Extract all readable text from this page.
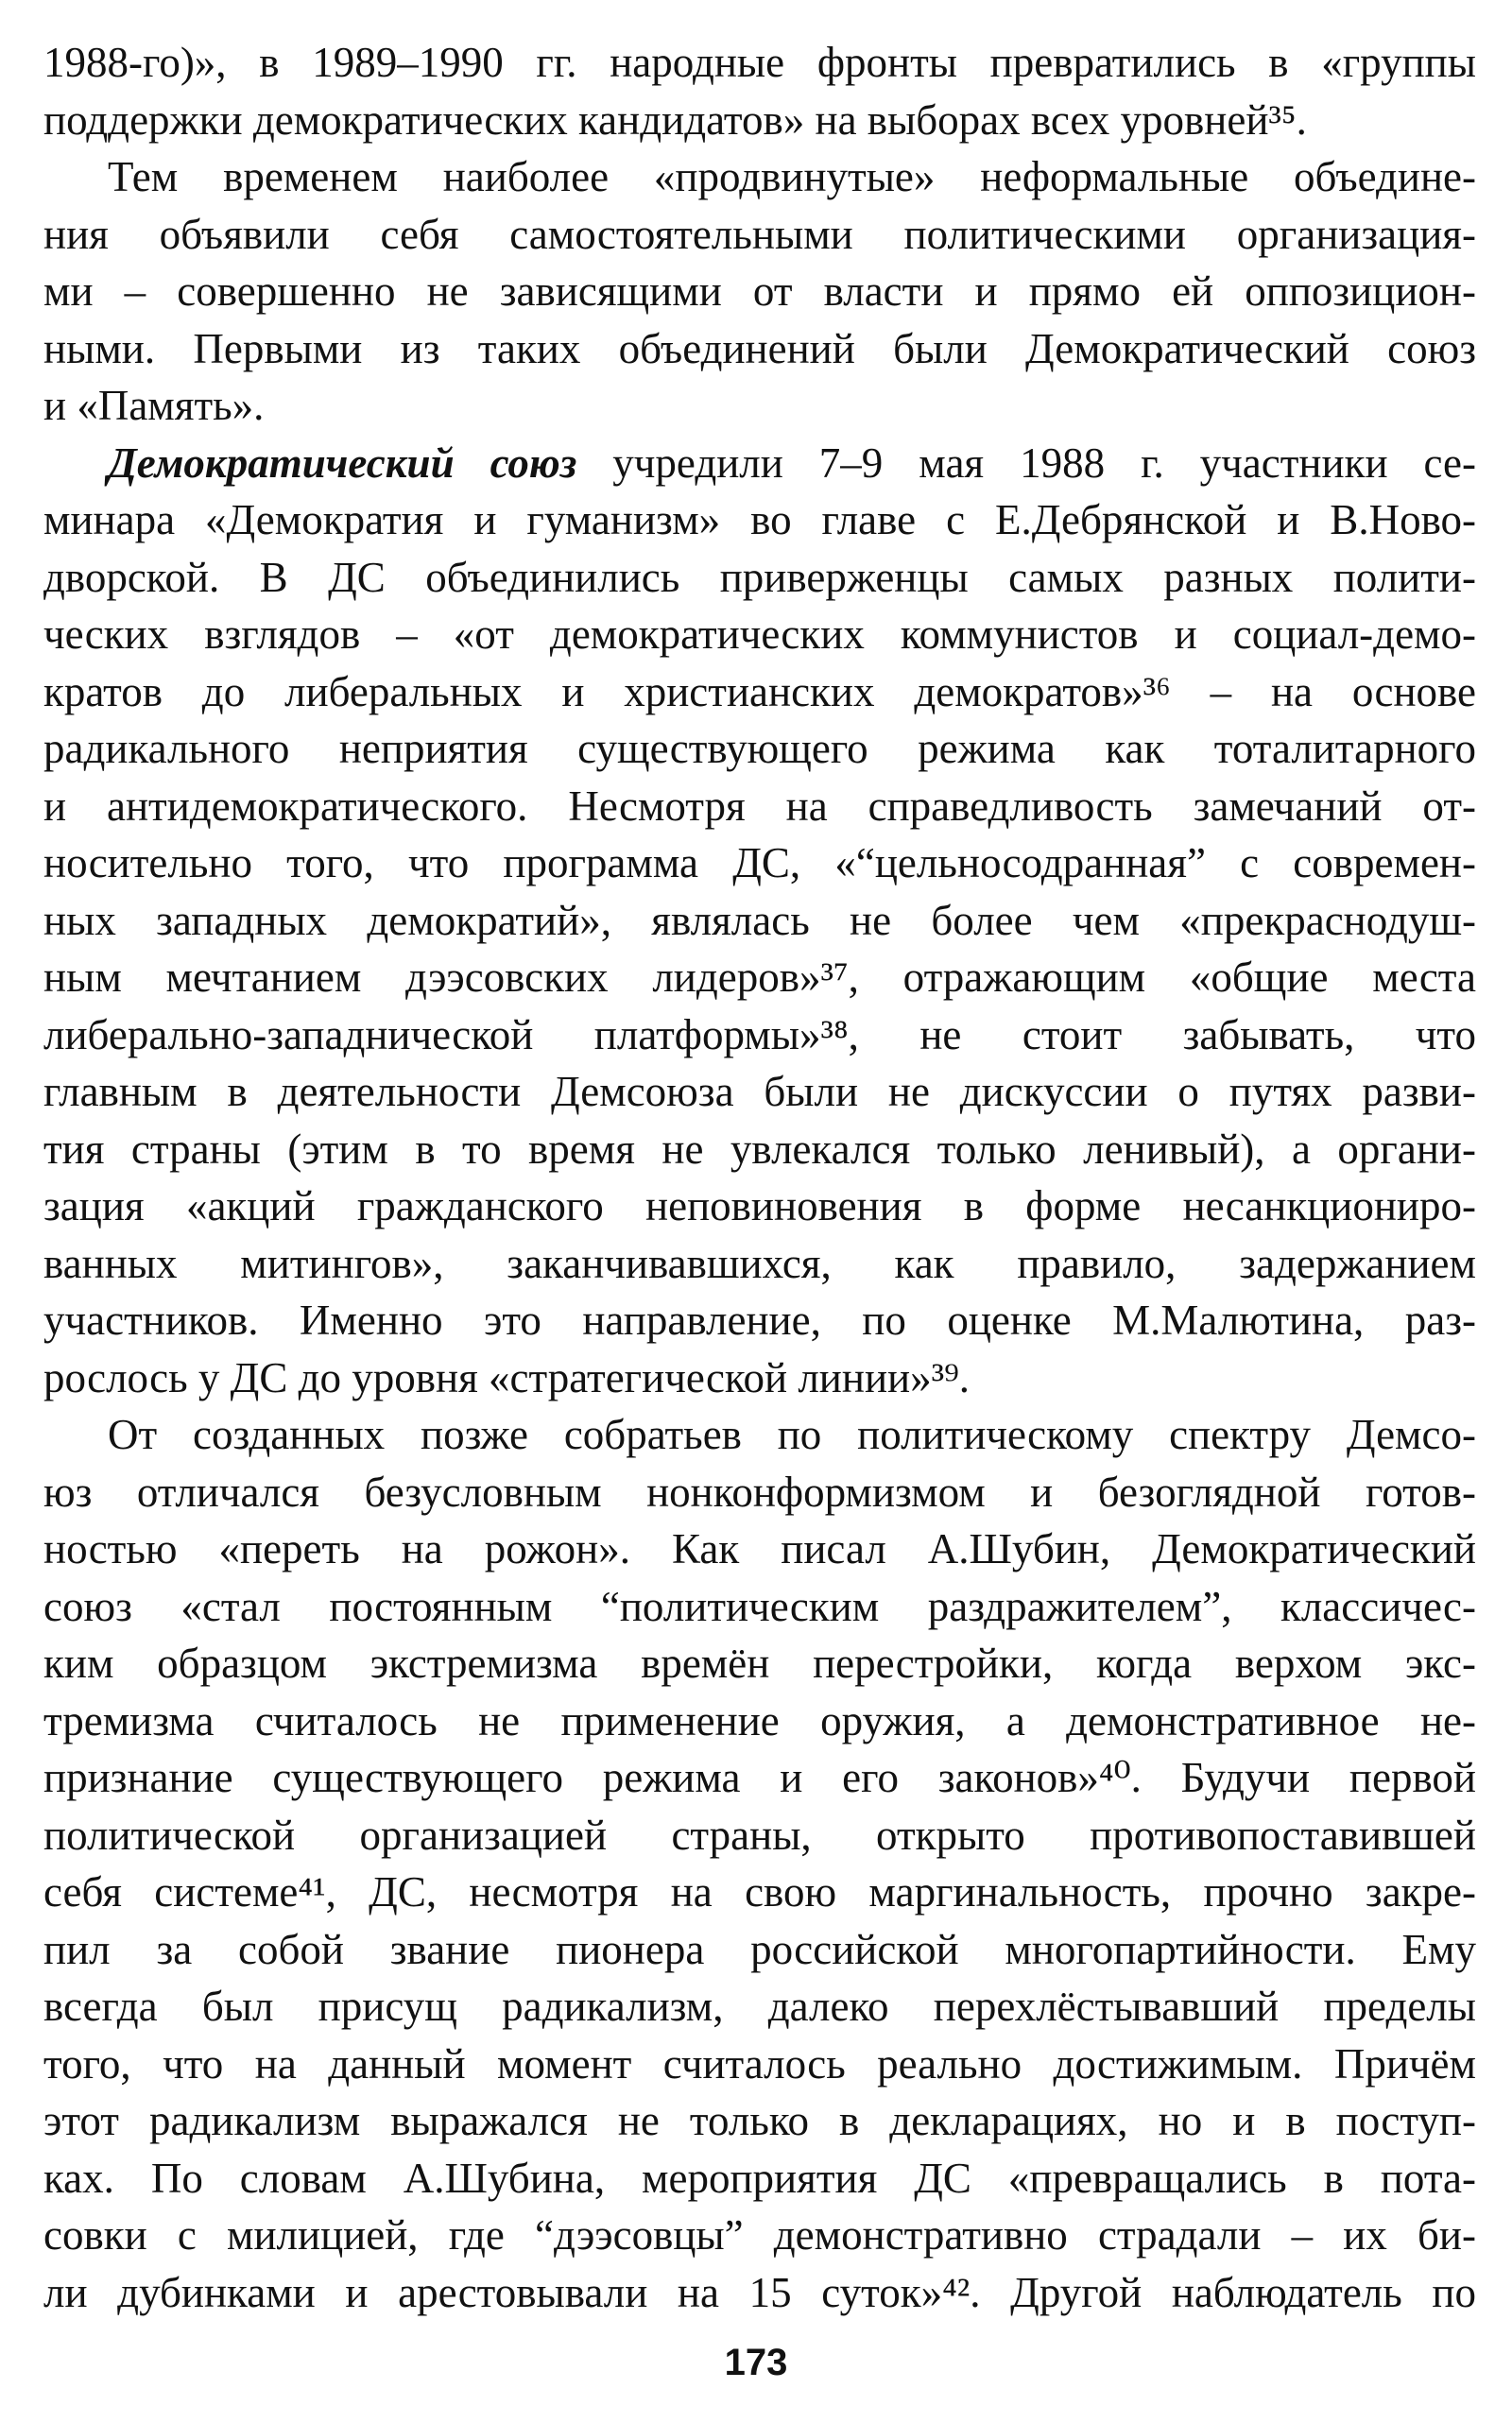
1988-го)», в 1989–1990 гг. народные фронты превратились в «группы
поддержки демократических кандидатов» на выборах всех уровней³⁵.
Тем временем наиболее «продвинутые» неформальные объедине-
ния объявили себя самостоятельными политическими организация-
ми – совершенно не зависящими от власти и прямо ей оппозицион-
ными. Первыми из таких объединений были Демократический союз
и «Память».
Демократический союз учредили 7–9 мая 1988 г. участники се-
минара «Демократия и гуманизм» во главе с Е.Дебрянской и В.Ново-
дворской. В ДС объединились приверженцы самых разных полити-
ческих взглядов – «от демократических коммунистов и социал-демо-
кратов до либеральных и христианских демократов»³⁶ – на основе
радикального неприятия существующего режима как тоталитарного
и антидемократического. Несмотря на справедливость замечаний от-
носительно того, что программа ДС, «“цельносодранная” с современ-
ных западных демократий», являлась не более чем «прекраснодуш-
ным мечтанием дээсовских лидеров»³⁷, отражающим «общие места
либерально-западнической платформы»³⁸, не стоит забывать, что
главным в деятельности Демсоюза были не дискуссии о путях разви-
тия страны (этим в то время не увлекался только ленивый), а органи-
зация «акций гражданского неповиновения в форме несанкциониро-
ванных митингов», заканчивавшихся, как правило, задержанием
участников. Именно это направление, по оценке М.Малютина, раз-
рослось у ДС до уровня «стратегической линии»³⁹.
От созданных позже собратьев по политическому спектру Демсо-
юз отличался безусловным нонконформизмом и безоглядной готов-
ностью «переть на рожон». Как писал А.Шубин, Демократический
союз «стал постоянным “политическим раздражителем”, классичес-
ким образцом экстремизма времён перестройки, когда верхом экс-
тремизма считалось не применение оружия, а демонстративное не-
признание существующего режима и его законов»⁴⁰. Будучи первой
политической организацией страны, открыто противопоставившей
себя системе⁴¹, ДС, несмотря на свою маргинальность, прочно закре-
пил за собой звание пионера российской многопартийности. Ему
всегда был присущ радикализм, далеко перехлёстывавший пределы
того, что на данный момент считалось реально достижимым. Причём
этот радикализм выражался не только в декларациях, но и в поступ-
ках. По словам А.Шубина, мероприятия ДС «превращались в пота-
совки с милицией, где “дээсовцы” демонстративно страдали – их би-
ли дубинками и арестовывали на 15 суток»⁴². Другой наблюдатель по
173
